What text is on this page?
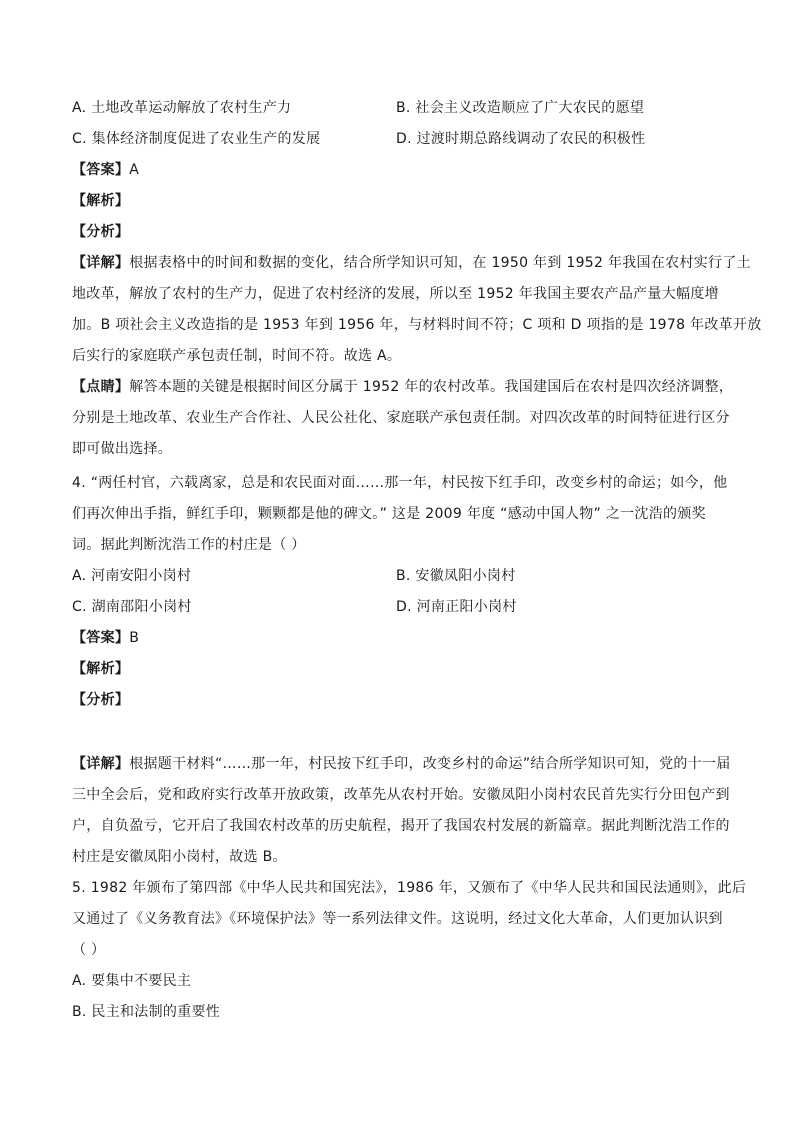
A. 土地改革运动解放了农村生产力	B. 社会主义改造顺应了广大农民的愿望
C. 集体经济制度促进了农业生产的发展	D. 过渡时期总路线调动了农民的积极性
【答案】A
【解析】
【分析】
【详解】根据表格中的时间和数据的变化，结合所学知识可知，在 1950 年到 1952 年我国在农村实行了土
地改革，解放了农村的生产力，促进了农村经济的发展，所以至 1952 年我国主要农产品产量大幅度增
加。B 项社会主义改造指的是 1953 年到 1956 年，与材料时间不符；C 项和 D 项指的是 1978 年改革开放
后实行的家庭联产承包责任制，时间不符。故选 A。
【点睛】解答本题的关键是根据时间区分属于 1952 年的农村改革。我国建国后在农村是四次经济调整，
分别是土地改革、农业生产合作社、人民公社化、家庭联产承包责任制。对四次改革的时间特征进行区分
即可做出选择。
4. “两任村官，六载离家，总是和农民面对面……那一年，村民按下红手印，改变乡村的命运；如今，他
们再次伸出手指，鲜红手印，颗颗都是他的碑文。” 这是 2009 年度 “感动中国人物” 之一沈浩的颁奖
词。据此判断沈浩工作的村庄是（ ）
A. 河南安阳小岗村	B. 安徽凤阳小岗村
C. 湖南邵阳小岗村	D. 河南正阳小岗村
【答案】B
【解析】
【分析】
【详解】根据题干材料“……那一年，村民按下红手印，改变乡村的命运”结合所学知识可知，党的十一届
三中全会后，党和政府实行改革开放政策，改革先从农村开始。安徽凤阳小岗村农民首先实行分田包产到
户，自负盈亏，它开启了我国农村改革的历史航程，揭开了我国农村发展的新篇章。据此判断沈浩工作的
村庄是安徽凤阳小岗村，故选 B。
5. 1982 年颁布了第四部《中华人民共和国宪法》，1986 年，又颁布了《中华人民共和国民法通则》，此后
又通过了《义务教育法》《环境保护法》等一系列法律文件。这说明，经过文化大革命，人们更加认识到
（ ）
A. 要集中不要民主
B. 民主和法制的重要性
